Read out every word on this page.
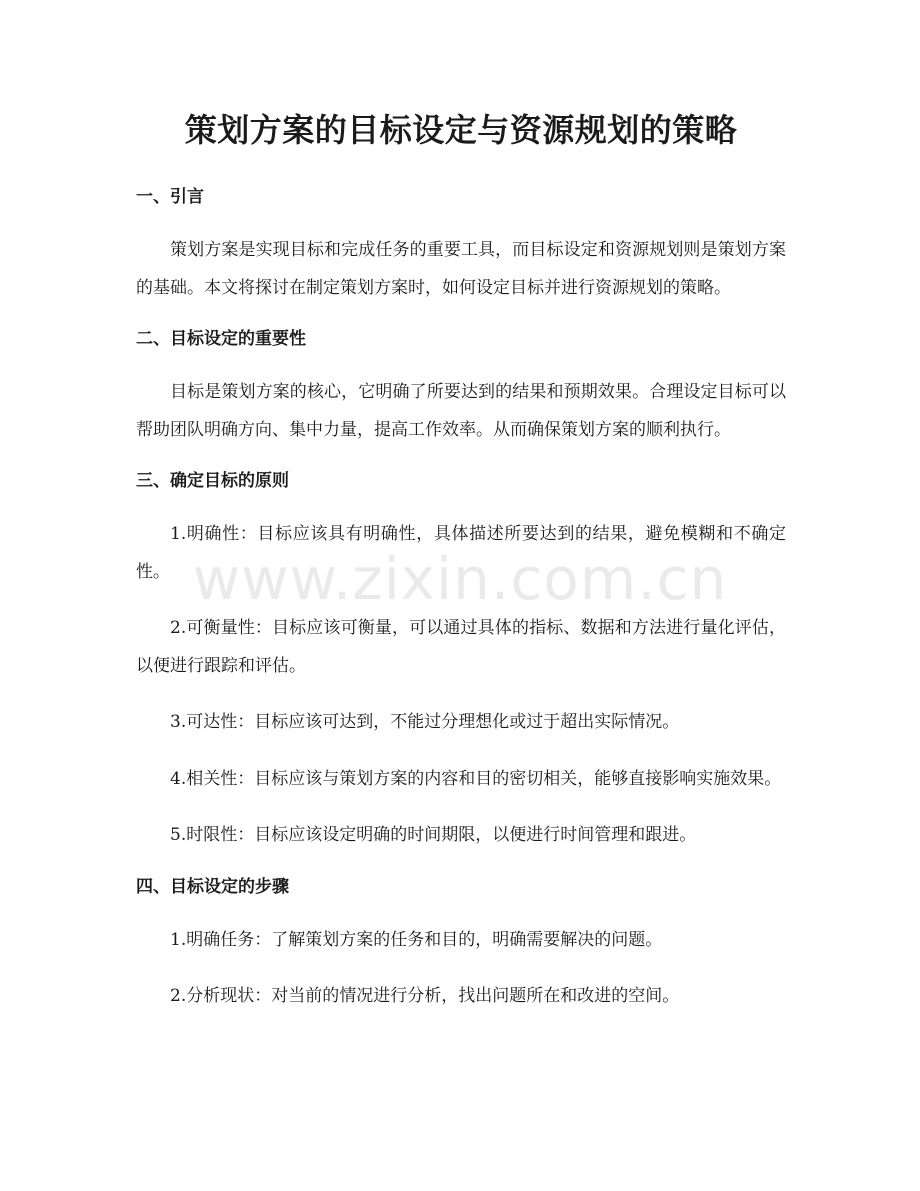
策划方案的目标设定与资源规划的策略
一、引言

策划方案是实现目标和完成任务的重要工具，而目标设定和资源规划则是策划方案的基础。本文将探讨在制定策划方案时，如何设定目标并进行资源规划的策略。

二、目标设定的重要性

目标是策划方案的核心，它明确了所要达到的结果和预期效果。合理设定目标可以帮助团队明确方向、集中力量，提高工作效率。从而确保策划方案的顺利执行。

三、确定目标的原则

1.明确性：目标应该具有明确性，具体描述所要达到的结果，避免模糊和不确定性。

2.可衡量性：目标应该可衡量，可以通过具体的指标、数据和方法进行量化评估，以便进行跟踪和评估。

3.可达性：目标应该可达到，不能过分理想化或过于超出实际情况。

4.相关性：目标应该与策划方案的内容和目的密切相关，能够直接影响实施效果。

5.时限性：目标应该设定明确的时间期限，以便进行时间管理和跟进。

四、目标设定的步骤

1.明确任务：了解策划方案的任务和目的，明确需要解决的问题。

2.分析现状：对当前的情况进行分析，找出问题所在和改进的空间。

www.zixin.com.cn
